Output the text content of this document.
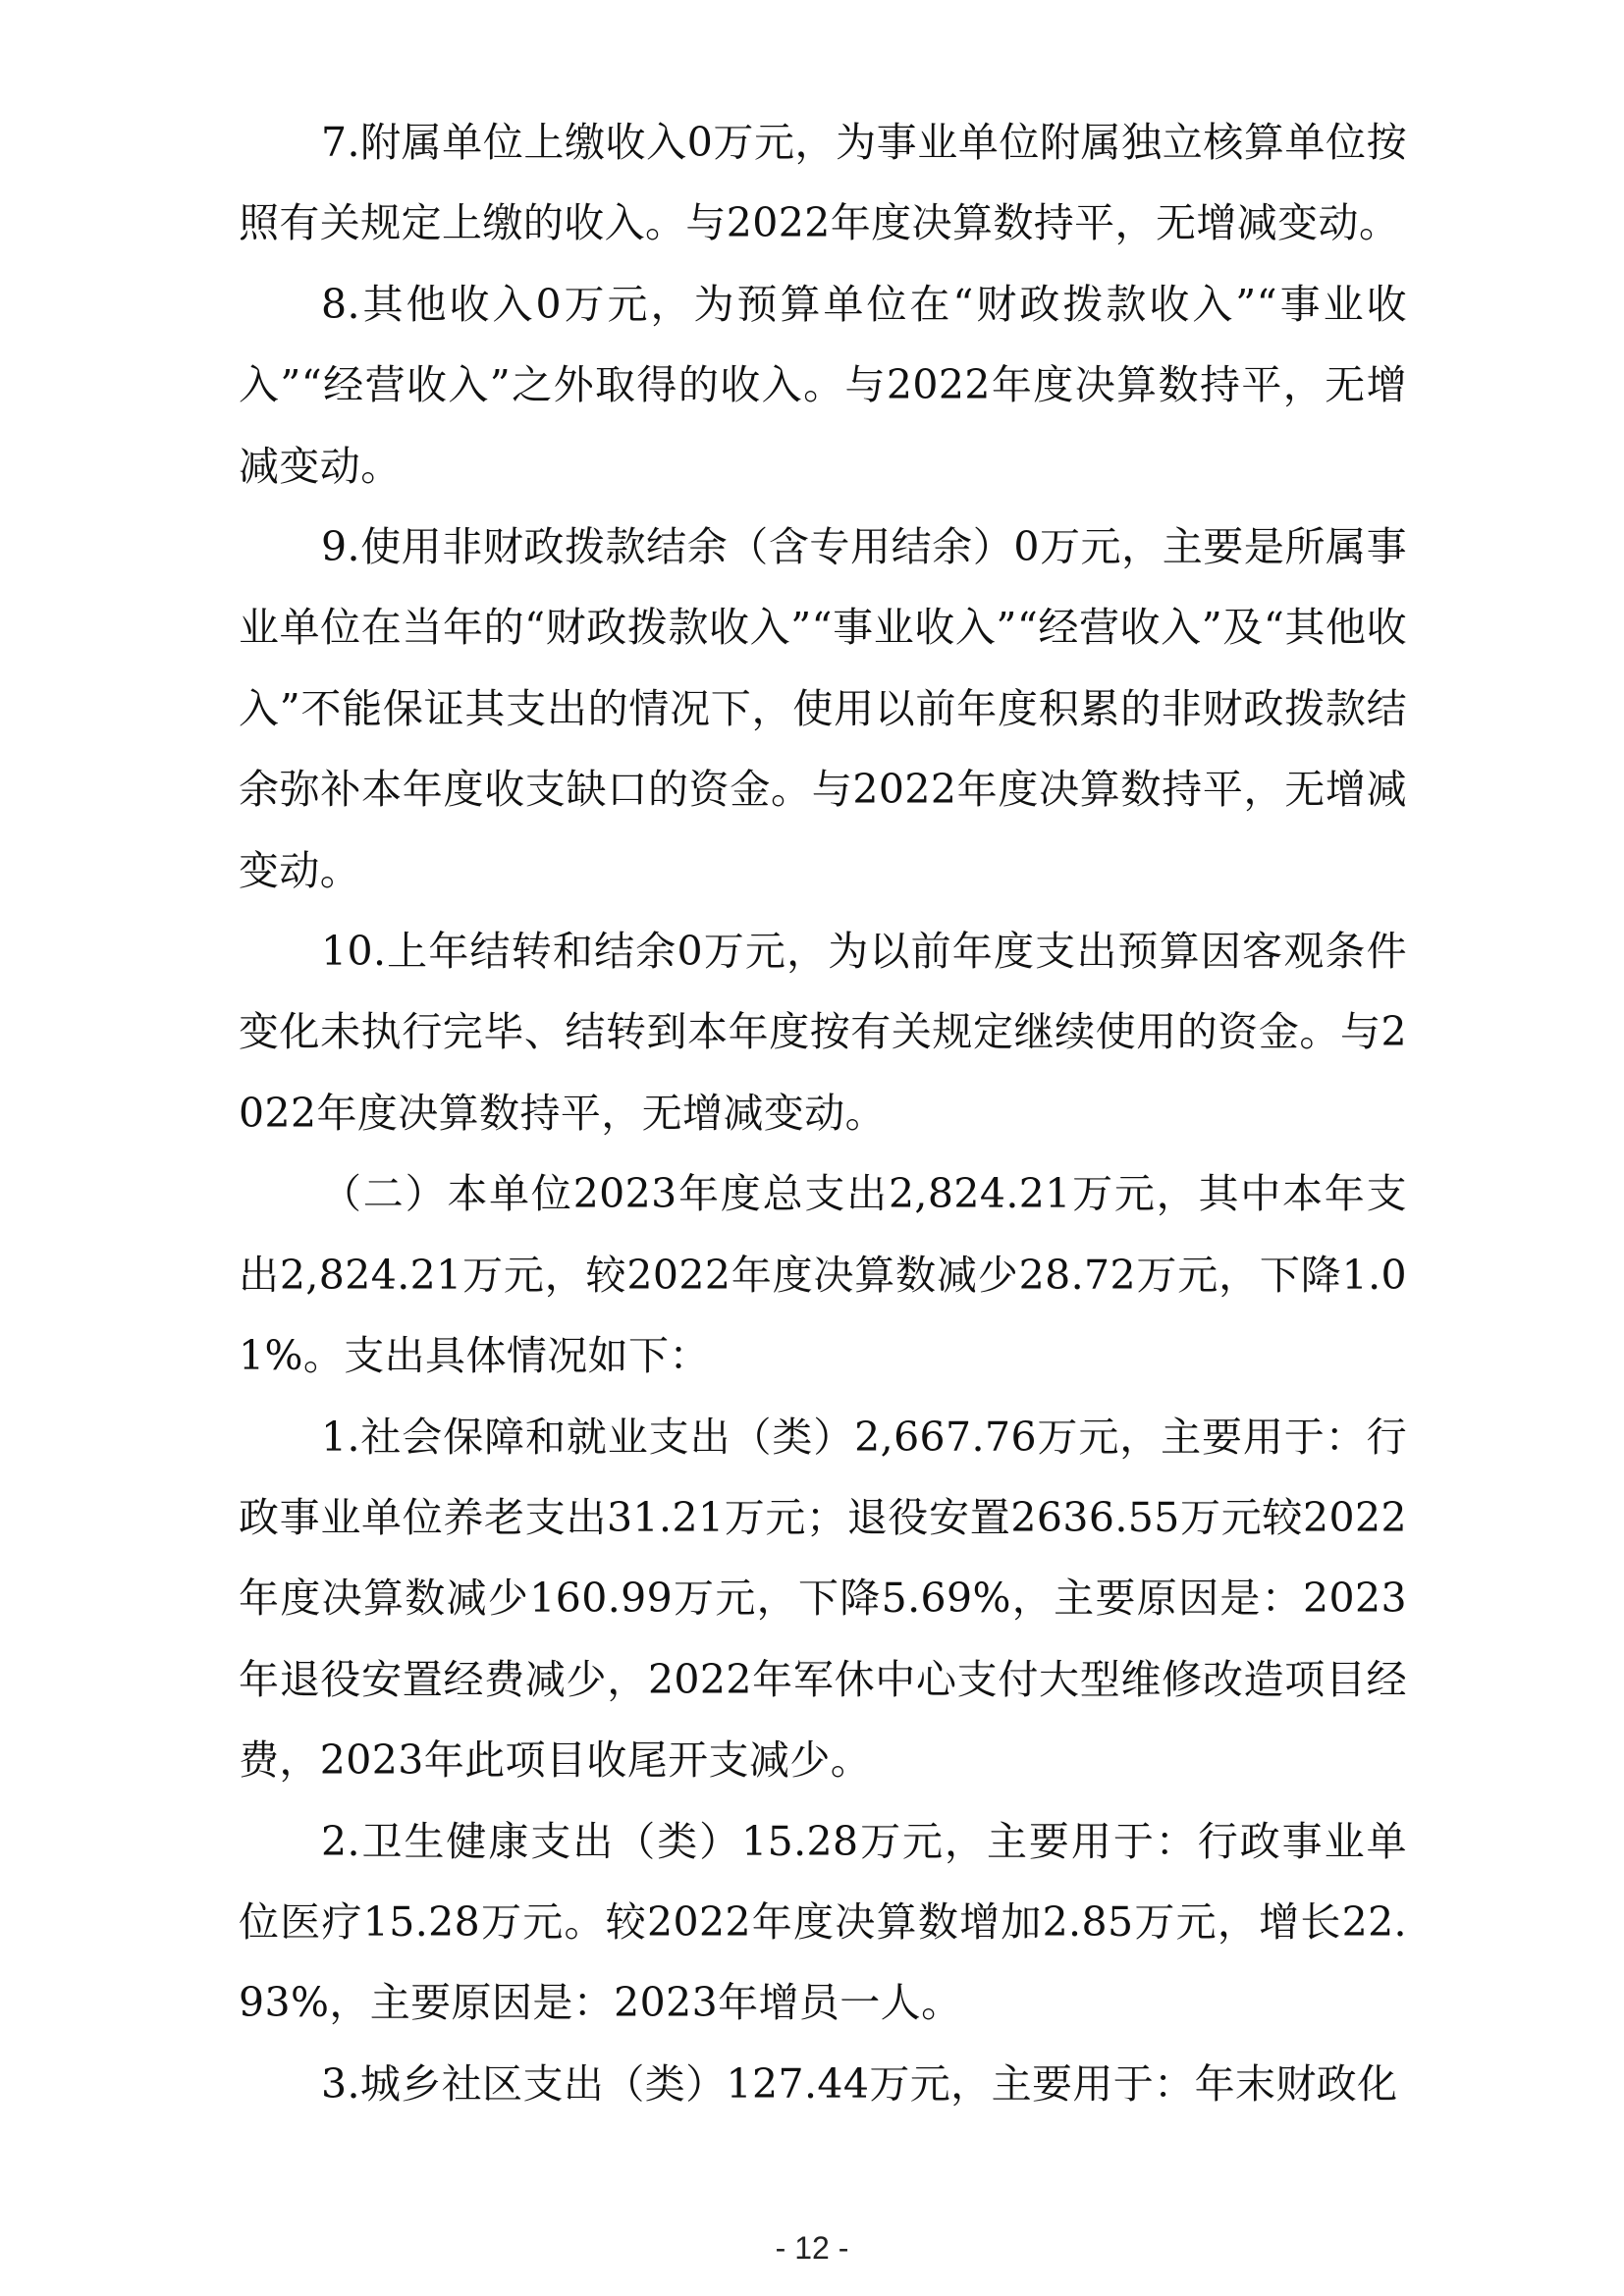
7.附属单位上缴收入0万元，为事业单位附属独立核算单位按照有关规定上缴的收入。与2022年度决算数持平，无增减变动。

8.其他收入0万元，为预算单位在“财政拨款收入”“事业收入”“经营收入”之外取得的收入。与2022年度决算数持平，无增减变动。

9.使用非财政拨款结余（含专用结余）0万元，主要是所属事业单位在当年的“财政拨款收入”“事业收入”“经营收入”及“其他收入”不能保证其支出的情况下，使用以前年度积累的非财政拨款结余弥补本年度收支缺口的资金。与2022年度决算数持平，无增减变动。

10.上年结转和结余0万元，为以前年度支出预算因客观条件变化未执行完毕、结转到本年度按有关规定继续使用的资金。与2022年度决算数持平，无增减变动。

（二）本单位2023年度总支出2,824.21万元，其中本年支出2,824.21万元，较2022年度决算数减少28.72万元，下降1.01%。支出具体情况如下：

1.社会保障和就业支出（类）2,667.76万元，主要用于：行政事业单位养老支出31.21万元；退役安置2636.55万元较2022年度决算数减少160.99万元，下降5.69%，主要原因是：2023年退役安置经费减少，2022年军休中心支付大型维修改造项目经费，2023年此项目收尾开支减少。

2.卫生健康支出（类）15.28万元，主要用于：行政事业单位医疗15.28万元。较2022年度决算数增加2.85万元，增长22.93%，主要原因是：2023年增员一人。

3.城乡社区支出（类）127.44万元，主要用于：年末财政化

- 12 -
